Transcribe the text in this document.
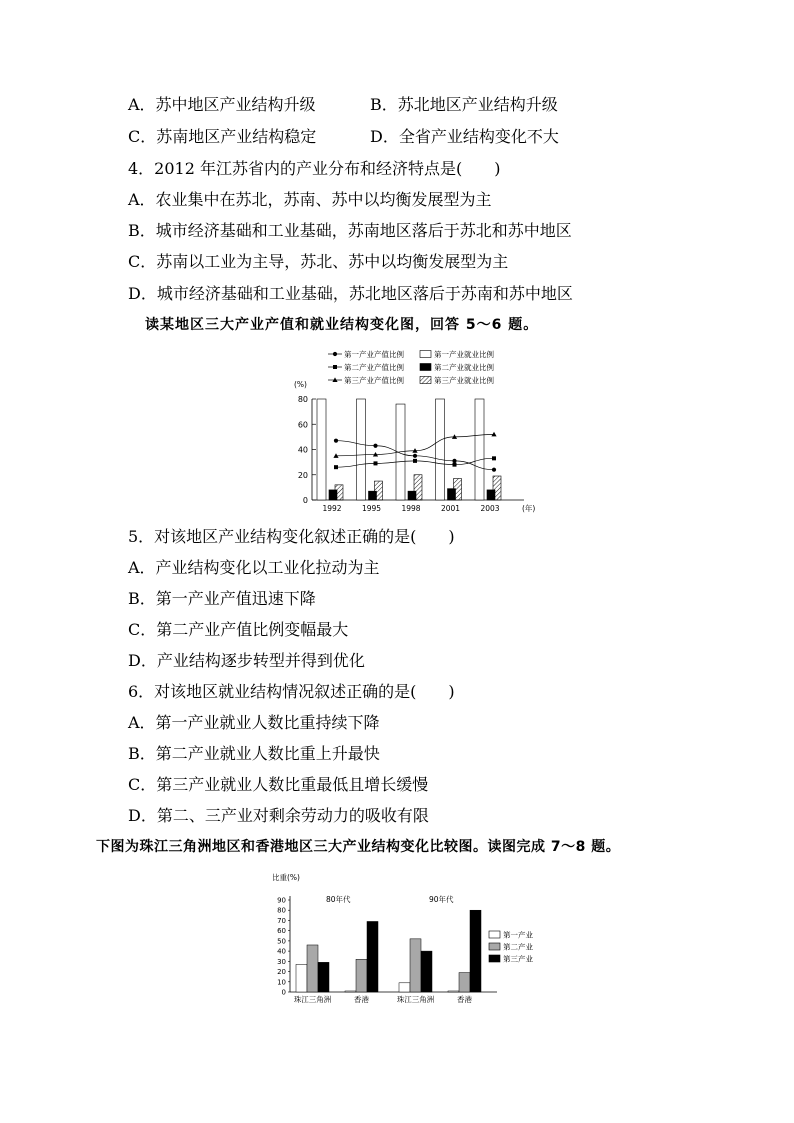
A．苏中地区产业结构升级	B．苏北地区产业结构升级
C．苏南地区产业结构稳定	D．全省产业结构变化不大
4．2012 年江苏省内的产业分布和经济特点是(　　)
A．农业集中在苏北，苏南、苏中以均衡发展型为主
B．城市经济基础和工业基础，苏南地区落后于苏北和苏中地区
C．苏南以工业为主导，苏北、苏中以均衡发展型为主
D．城市经济基础和工业基础，苏北地区落后于苏南和苏中地区
读某地区三大产业产值和就业结构变化图，回答 5～6 题。
第一产业产值比例	第一产业就业比例
第二产业产值比例	第二产业就业比例
第三产业产值比例	第三产业就业比例
(%)
0
20
40
60
80
1992	1995	1998	2001	2003	(年)
5．对该地区产业结构变化叙述正确的是(　　)
A．产业结构变化以工业化拉动为主
B．第一产业产值迅速下降
C．第二产业产值比例变幅最大
D．产业结构逐步转型并得到优化
6．对该地区就业结构情况叙述正确的是(　　)
A．第一产业就业人数比重持续下降
B．第二产业就业人数比重上升最快
C．第三产业就业人数比重最低且增长缓慢
D．第二、三产业对剩余劳动力的吸收有限
下图为珠江三角洲地区和香港地区三大产业结构变化比较图。读图完成 7～8 题。
比重(%)
0
10
20
30
40
50
60
70
80
90	80年代
珠江三角洲	香港
90年代
珠江三角洲	香港
第一产业
第二产业
第三产业
